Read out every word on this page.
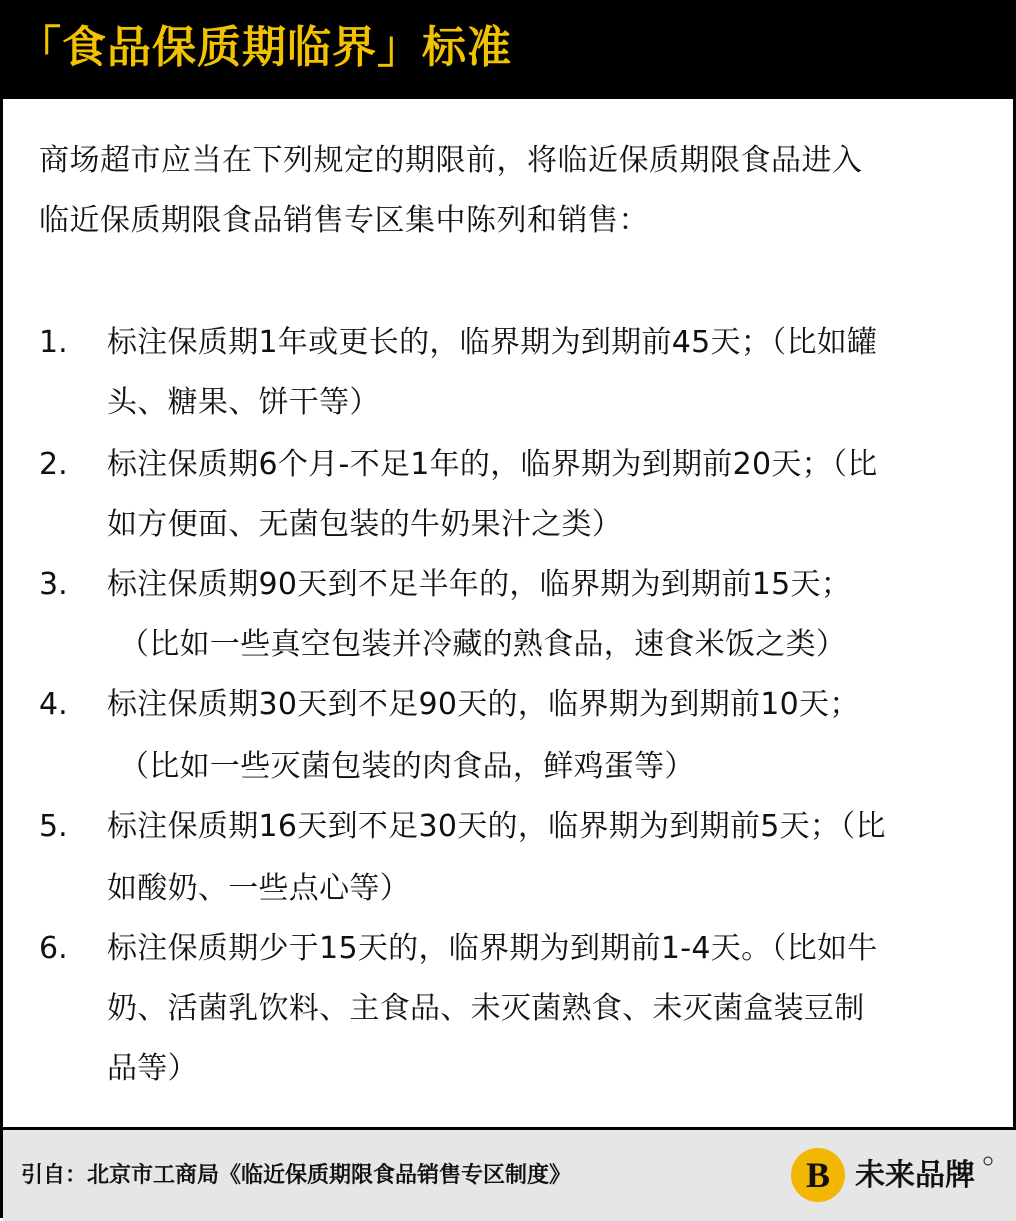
「食品保质期临界」标准
商场超市应当在下列规定的期限前，将临近保质期限食品进入
临近保质期限食品销售专区集中陈列和销售：
1. 标注保质期1年或更长的，临界期为到期前45天；（比如罐
头、糖果、饼干等）
2. 标注保质期6个月-不足1年的，临界期为到期前20天；（比
如方便面、无菌包装的牛奶果汁之类）
3. 标注保质期90天到不足半年的，临界期为到期前15天；
（比如一些真空包装并冷藏的熟食品，速食米饭之类）
4. 标注保质期30天到不足90天的，临界期为到期前10天；
（比如一些灭菌包装的肉食品，鲜鸡蛋等）
5. 标注保质期16天到不足30天的，临界期为到期前5天；（比
如酸奶、一些点心等）
6. 标注保质期少于15天的，临界期为到期前1-4天。（比如牛
奶、活菌乳饮料、主食品、未灭菌熟食、未灭菌盒装豆制
品等）
引自：北京市工商局《临近保质期限食品销售专区制度》	B 未来品牌
